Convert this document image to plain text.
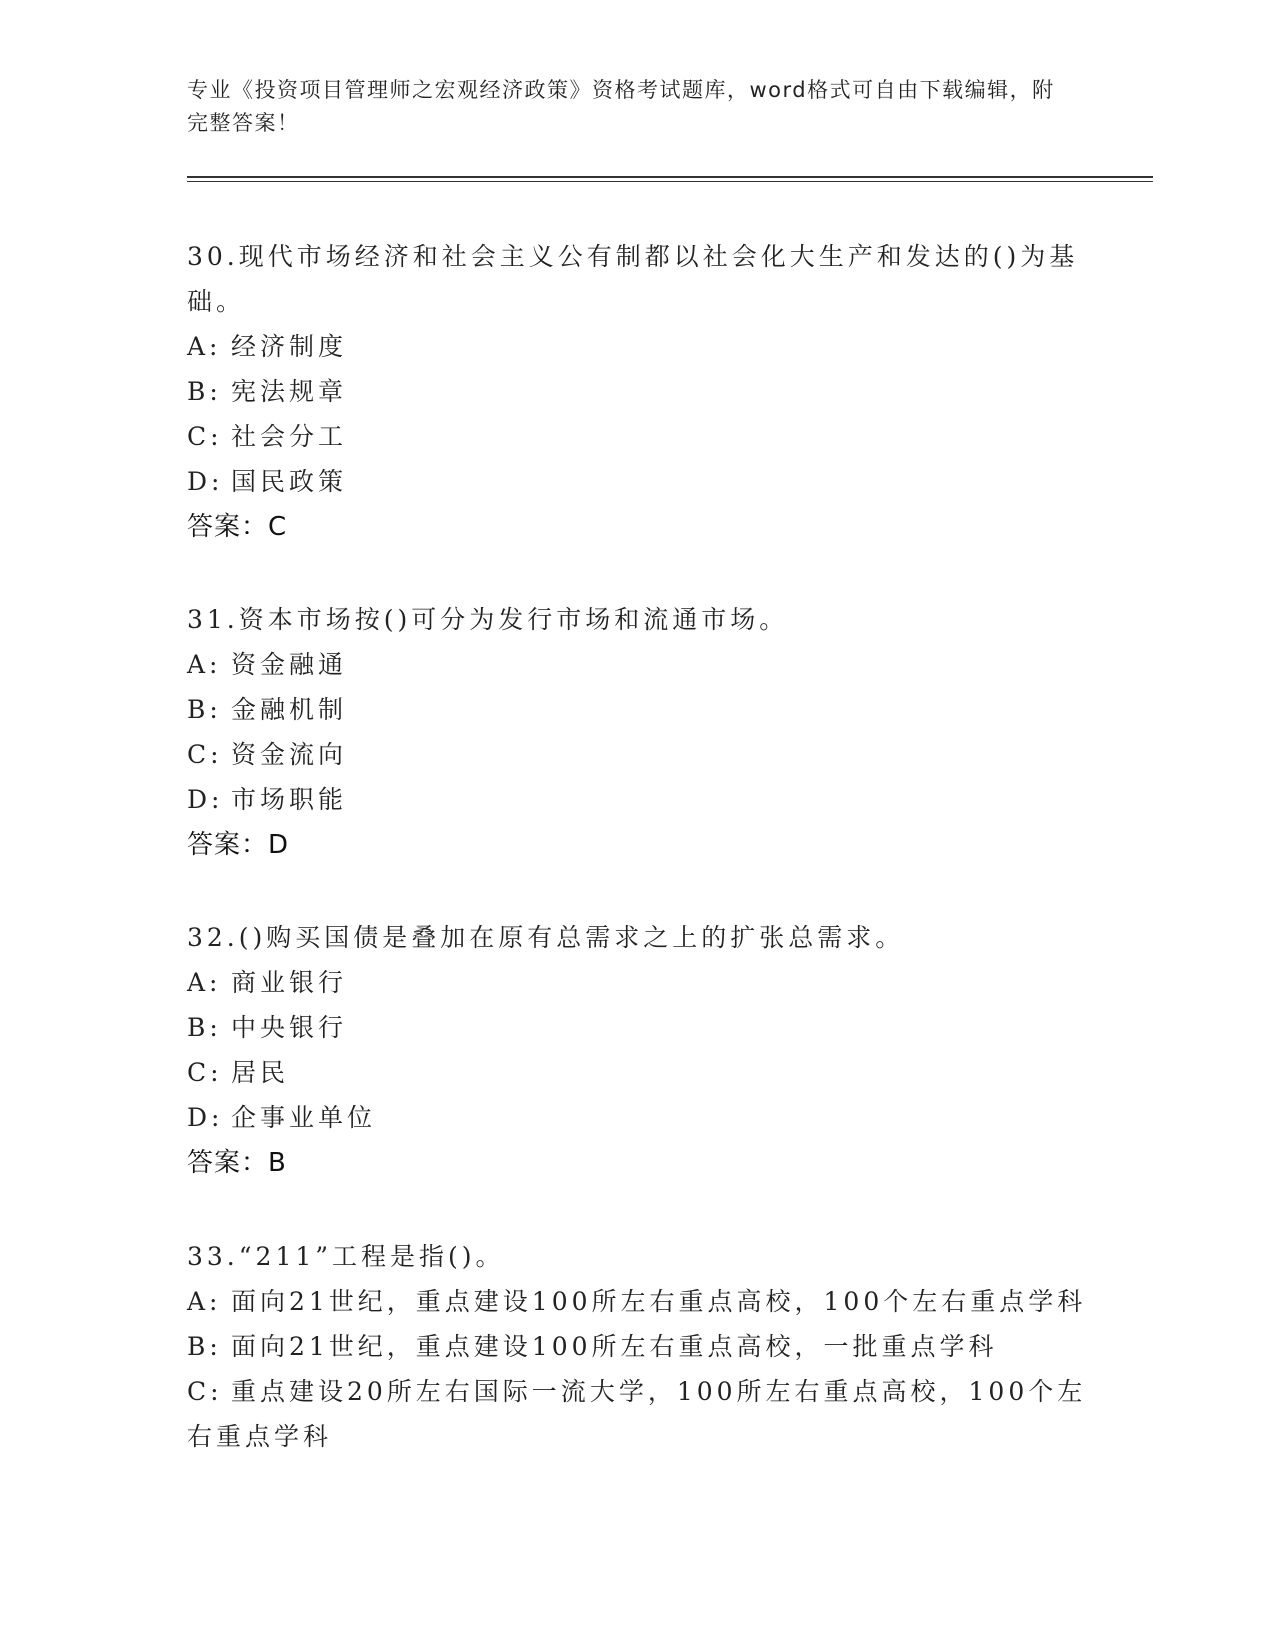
专业《投资项目管理师之宏观经济政策》资格考试题库，word格式可自由下载编辑，附完整答案！
30.现代市场经济和社会主义公有制都以社会化大生产和发达的()为基础。
A: 经济制度
B: 宪法规章
C: 社会分工
D: 国民政策
答案：C
31.资本市场按()可分为发行市场和流通市场。
A: 资金融通
B: 金融机制
C: 资金流向
D: 市场职能
答案：D
32.()购买国债是叠加在原有总需求之上的扩张总需求。
A: 商业银行
B: 中央银行
C: 居民
D: 企事业单位
答案：B
33.“211”工程是指()。
A: 面向21世纪，重点建设100所左右重点高校，100个左右重点学科
B: 面向21世纪，重点建设100所左右重点高校，一批重点学科
C: 重点建设20所左右国际一流大学，100所左右重点高校，100个左右重点学科
